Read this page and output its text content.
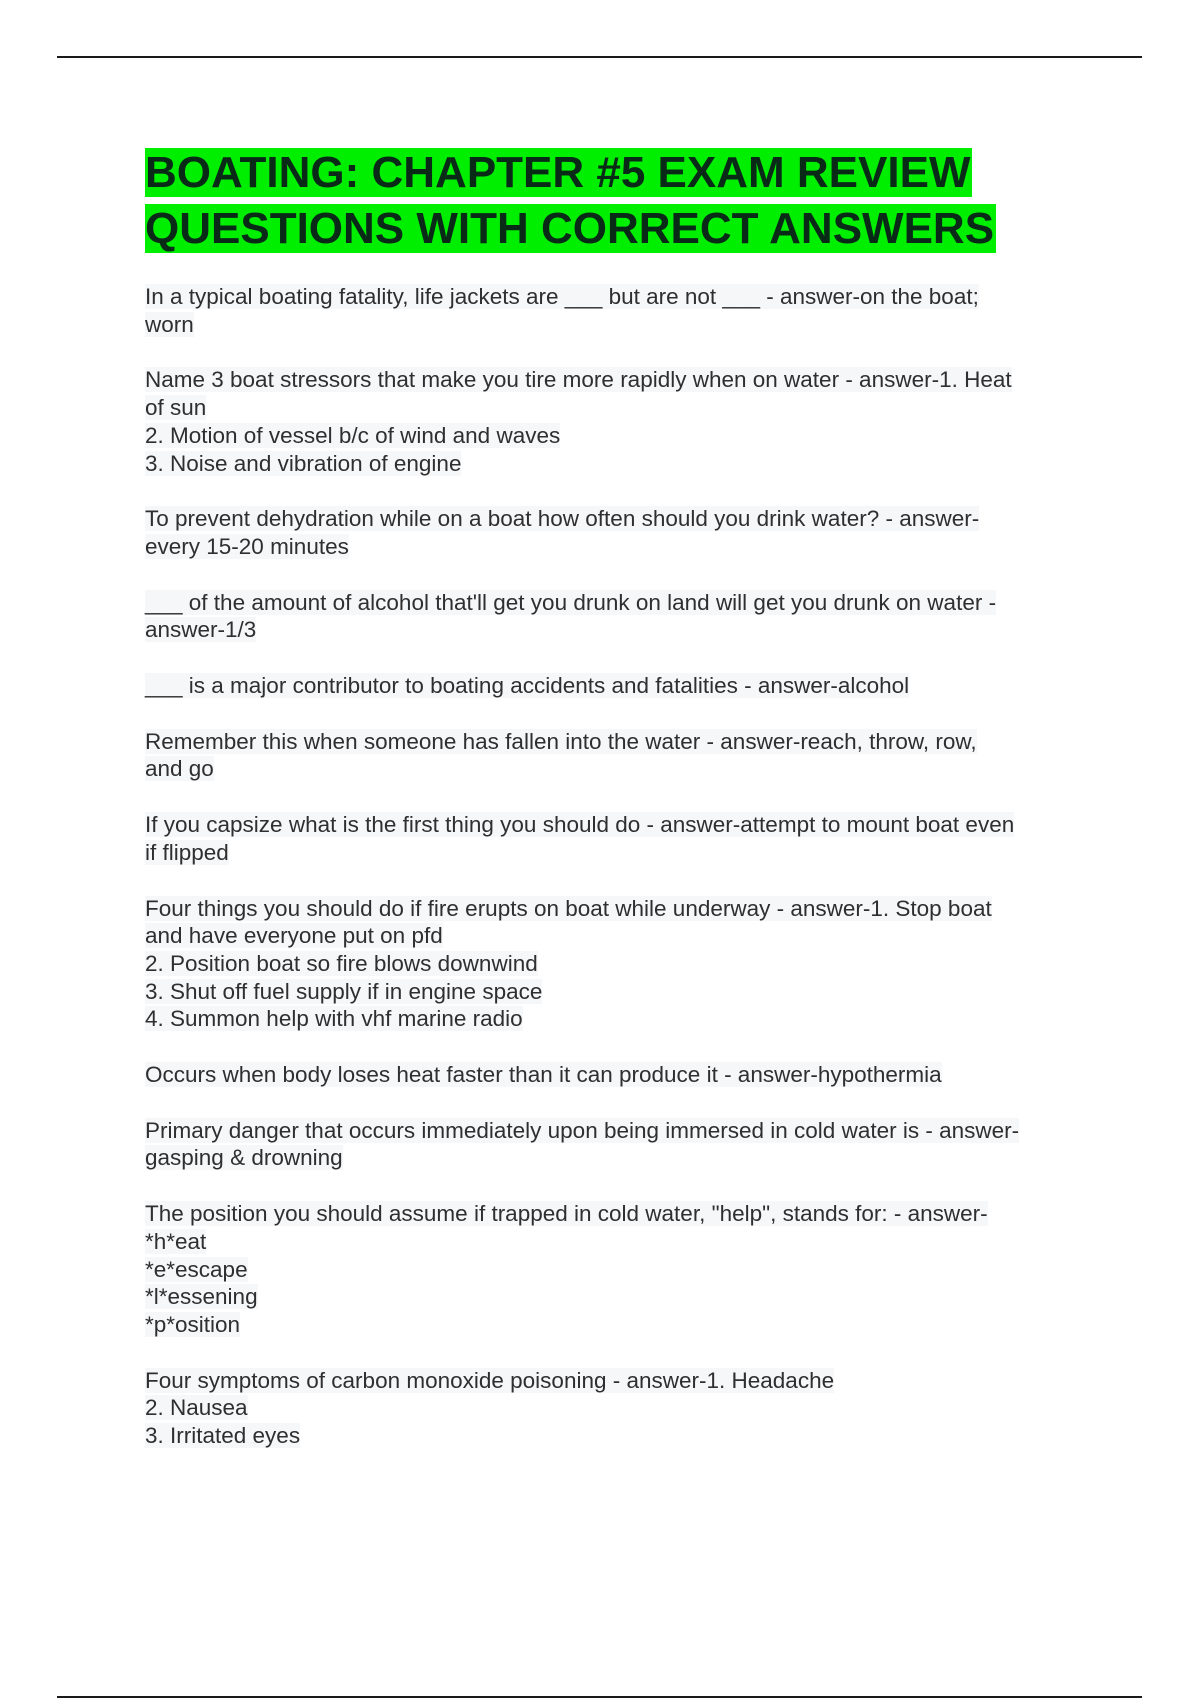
BOATING: CHAPTER #5 EXAM REVIEW QUESTIONS WITH CORRECT ANSWERS
In a typical boating fatality, life jackets are ___ but are not ___ - answer-on the boat;
worn
Name 3 boat stressors that make you tire more rapidly when on water - answer-1. Heat
of sun
2. Motion of vessel b/c of wind and waves
3. Noise and vibration of engine
To prevent dehydration while on a boat how often should you drink water? - answer-
every 15-20 minutes
___ of the amount of alcohol that'll get you drunk on land will get you drunk on water -
answer-1/3
___ is a major contributor to boating accidents and fatalities - answer-alcohol
Remember this when someone has fallen into the water - answer-reach, throw, row,
and go
If you capsize what is the first thing you should do - answer-attempt to mount boat even
if flipped
Four things you should do if fire erupts on boat while underway - answer-1. Stop boat
and have everyone put on pfd
2. Position boat so fire blows downwind
3. Shut off fuel supply if in engine space
4. Summon help with vhf marine radio
Occurs when body loses heat faster than it can produce it - answer-hypothermia
Primary danger that occurs immediately upon being immersed in cold water is - answer-
gasping & drowning
The position you should assume if trapped in cold water, "help", stands for: - answer-
*h*eat
*e*escape
*l*essening
*p*osition
Four symptoms of carbon monoxide poisoning - answer-1. Headache
2. Nausea
3. Irritated eyes
